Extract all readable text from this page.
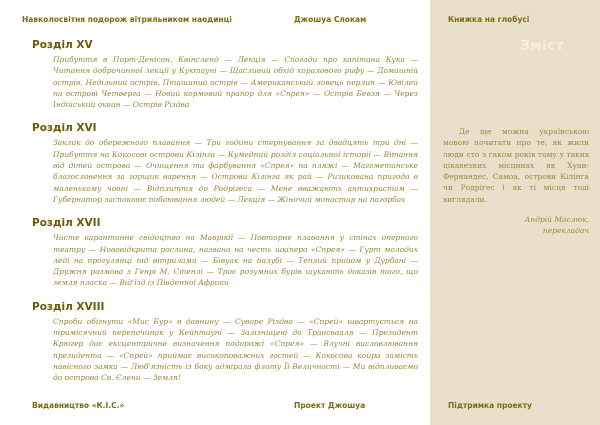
Навколосвітня подорож вітрильником наодинці	Джошуа Слокам	Книжка на глобусі
Зміст
Розділ XV

Прибуття в Порт-Денісон, Квінсленд — Лекція — Спогади про капітана Кука — Читання доброчинної лекції у Куктауні — Щасливий обхід коралового рифу — Домашній острів, Недільний острів, Пташиний острів — Американський ловець перлин — Ювілей на острові Четверга — Новий кормовий прапор для «Спрея» — Острів Бевзя — Через Індійський океан — Острів Різдва

Розділ XVI

Заклик до обережного плавання — Три години стернування за двадцять три дні — Прибуття на Кокосові острови Кілінга — Кумедний розділ соціальної історії — Вітання від дітей острова — Очищення та фарбування «Спрея» на пляжі — Магометанське благословення за горщик варення — Острови Кілінга як рай — Ризикована пригода в маленькому човні — Відплиття до Родрігеса — Мене вважають антихристом — Губернатор заспокоює побоювання людей — Лекція — Жіночий монастир на пагорбах

Розділ XVII

Чисте карантинне свідоцтво на Маврікії — Повторне плавання у стінах оперного театру — Нововідкрита рослина, названа на честь шкіпера «Спрея» — Гурт молодих леді на прогулянці під вітрилами — Бівуак на палубі — Теплий прийом у Дурбані — Дружня розмова з Генрі М. Стенлі — Троє розумних бурів шукають доказів того, що земля пласка — Від'їзд із Південної Африки

Розділ XVIII

Спроби обігнути «Мис Бур» в давнину — Суворе Різдво — «Спрей» швартується на тримісячний перепочинок у Кейптауні — Залізницею до Трансвааля — Президент Крюгер дає ексцентричне визначення подорожі «Спрея» — Влучні висловлювання президента — «Спрей» приймає високоповажних гостей — Кокосова койра замість навісного замка — Люб'язність із боку адмірала флоту Її Величності — Ми відпливаємо до острова Св. Єлени — Земля!

Де ще можна українською мовою почитати про те, як жили люди сто з гаком років тому у таких цікавезних місцинах як Хуан-Фернандес, Самоа, острови Кілінга чи Родрігес і як ті місця тоді виглядали.

Андрій Маслюк,
перекладач
Видавництво «К.І.С.»	Проект Джошуа	Підтримка проекту
